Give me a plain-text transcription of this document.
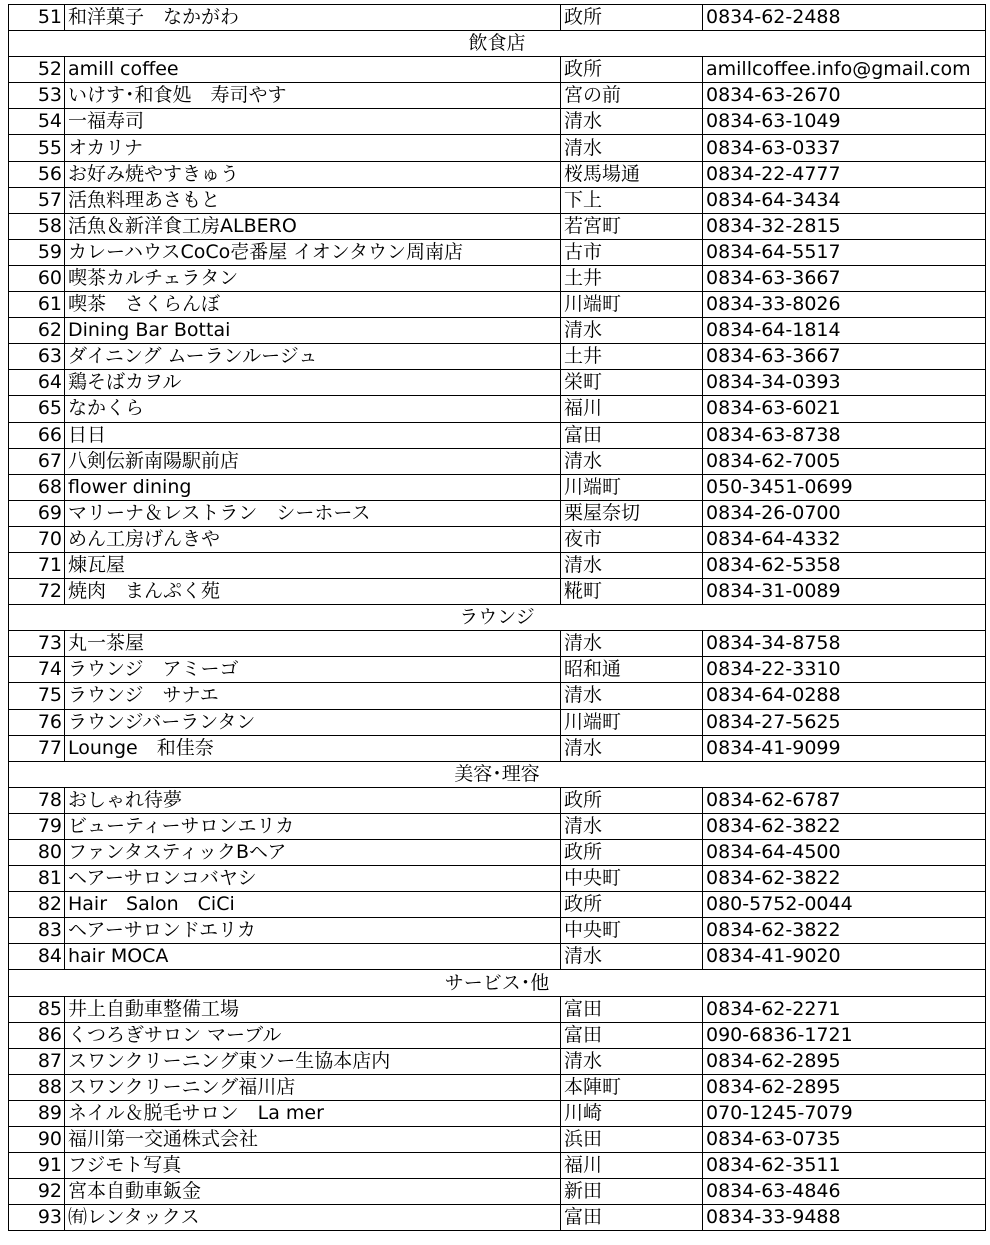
51	和洋菓子　なかがわ	政所	0834-62-2488
飲食店			
52	amill coffee	政所	amillcoffee.info@gmail.com
53	いけす･和食処　寿司やす	宮の前	0834-63-2670
54	一福寿司	清水	0834-63-1049
55	オカリナ	清水	0834-63-0337
56	お好み焼やすきゅう	桜馬場通	0834-22-4777
57	活魚料理あさもと	下上	0834-64-3434
58	活魚＆新洋食工房ALBERO	若宮町	0834-32-2815
59	カレーハウスCoCo壱番屋 イオンタウン周南店	古市	0834-64-5517
60	喫茶カルチェラタン	土井	0834-63-3667
61	喫茶　さくらんぼ	川端町	0834-33-8026
62	Dining Bar Bottai	清水	0834-64-1814
63	ダイニング ムーランルージュ	土井	0834-63-3667
64	鶏そばカヲル	栄町	0834-34-0393
65	なかくら	福川	0834-63-6021
66	日日	富田	0834-63-8738
67	八剣伝新南陽駅前店	清水	0834-62-7005
68	flower dining	川端町	050-3451-0699
69	マリーナ＆レストラン　シーホース	栗屋奈切	0834-26-0700
70	めん工房げんきや	夜市	0834-64-4332
71	煉瓦屋	清水	0834-62-5358
72	焼肉　まんぷく苑	糀町	0834-31-0089
ラウンジ			
73	丸一茶屋	清水	0834-34-8758
74	ラウンジ　アミーゴ	昭和通	0834-22-3310
75	ラウンジ　サナエ	清水	0834-64-0288
76	ラウンジバーランタン	川端町	0834-27-5625
77	Lounge　和佳奈	清水	0834-41-9099
美容･理容			
78	おしゃれ待夢	政所	0834-62-6787
79	ビューティーサロンエリカ	清水	0834-62-3822
80	ファンタスティックBヘア	政所	0834-64-4500
81	ヘアーサロンコバヤシ	中央町	0834-62-3822
82	Hair　Salon　CiCi	政所	080-5752-0044
83	ヘアーサロンドエリカ	中央町	0834-62-3822
84	hair MOCA	清水	0834-41-9020
サービス･他			
85	井上自動車整備工場	富田	0834-62-2271
86	くつろぎサロン マーブル	富田	090-6836-1721
87	スワンクリーニング東ソー生協本店内	清水	0834-62-2895
88	スワンクリーニング福川店	本陣町	0834-62-2895
89	ネイル＆脱毛サロン　La mer	川崎	070-1245-7079
90	福川第一交通株式会社	浜田	0834-63-0735
91	フジモト写真	福川	0834-62-3511
92	宮本自動車鈑金	新田	0834-63-4846
93	㈲レンタックス	富田	0834-33-9488
